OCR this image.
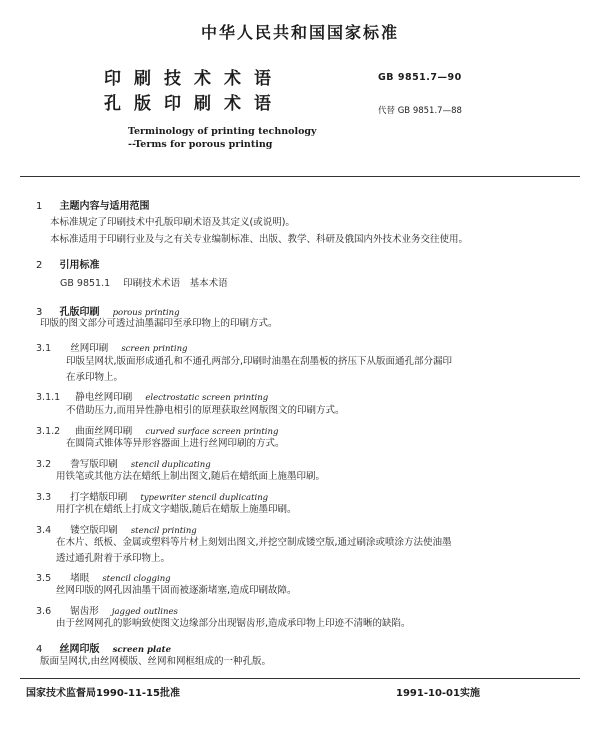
中华人民共和国国家标准
印刷技术术语
孔版印刷术语
GB 9851.7—90
代替 GB 9851.7—88
Terminology of printing technology
--Terms for porous printing
1 主题内容与适用范围
本标准规定了印刷技术中孔版印刷术语及其定义(或说明)。
本标准适用于印刷行业及与之有关专业编制标准、出版、教学、科研及俄国内外技术业务交往使用。
2 引用标准
GB 9851.1 印刷技术术语　基本术语
3 孔版印刷 porous printing
印版的图文部分可透过油墨漏印至承印物上的印刷方式。
3.1 丝网印刷 screen printing
印版呈网状,版面形成通孔和不通孔两部分,印刷时油墨在刮墨板的挤压下从版面通孔部分漏印
在承印物上。
3.1.1 静电丝网印刷 electrostatic screen printing
不借助压力,而用异性静电相引的原理获取丝网版图文的印刷方式。
3.1.2 曲面丝网印刷 curved surface screen printing
在圆筒式锥体等异形容器面上进行丝网印刷的方式。
3.2 誊写版印刷 stencil duplicating
用铁笔或其他方法在蜡纸上制出图文,随后在蜡纸面上施墨印刷。
3.3 打字蜡版印刷 typewriter stencil duplicating
用打字机在蜡纸上打成文字蜡版,随后在蜡版上施墨印刷。
3.4 镂空版印刷 stencil printing
在木片、纸板、金属或塑料等片材上刻划出图文,并挖空制成镂空版,通过刷涂或喷涂方法使油墨
透过通孔附着于承印物上。
3.5 堵眼 stencil clogging
丝网印版的网孔因油墨干固而被逐渐堵塞,造成印刷故障。
3.6 锯齿形 jagged outlines
由于丝网网孔的影响致使图文边缘部分出现锯齿形,造成承印物上印迹不清晰的缺陷。
4 丝网印版 screen plate
版面呈网状,由丝网模版、丝网和网框组成的一种孔版。
国家技术监督局1990-11-15批准	1991-10-01实施
